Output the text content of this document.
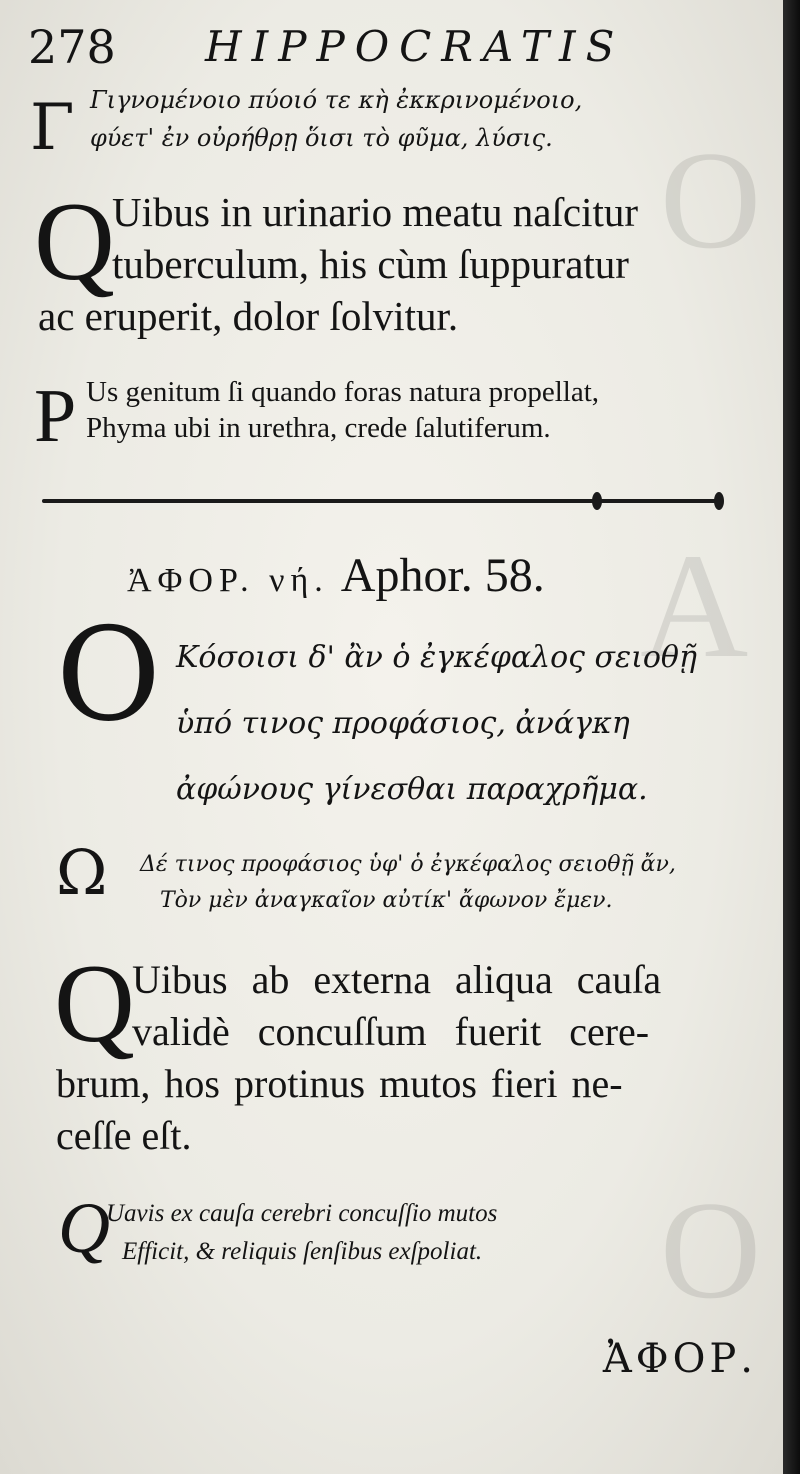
O
A
O
278 HIPPOCRATIS
Γ Γιγνομένοιο πύοιό τε κὴ ἐκκρινομένοιο,
φύετ' ἐν οὐρήθρῃ ὅισι τὸ φῦμα, λύσις.
Q
Uibus in urinario meatu naſcitur
tuberculum, his cùm ſuppuratur
ac eruperit, dolor ſolvitur.
P Us genitum ſi quando foras natura propellat,
Phyma ubi in urethra, crede ſalutiferum.
ἈΦΟΡ. νή. Aphor. 58.
O Κόσοισι δ' ἂν ὁ ἐγκέφαλος σειοθῇ
ὑπό τινος προφάσιος, ἀνάγκη
ἀφώνους γίνεσθαι παραχρῆμα.
Ω Δέ τινος προφάσιος ὑφ' ὁ ἐγκέφαλος σειοθῇ ἄν,
Τὸν μὲν ἀναγκαῖον αὐτίκ' ἄφωνον ἔμεν.
Q
Uibus ab externa aliqua cauſa
validè concuſſum fuerit cere-
brum, hos protinus mutos fieri ne-
ceſſe eſt.
Q
Uavis ex cauſa cerebri concuſſio mutos
Efficit, & reliquis ſenſibus exſpoliat.
ἈΦΟΡ.
